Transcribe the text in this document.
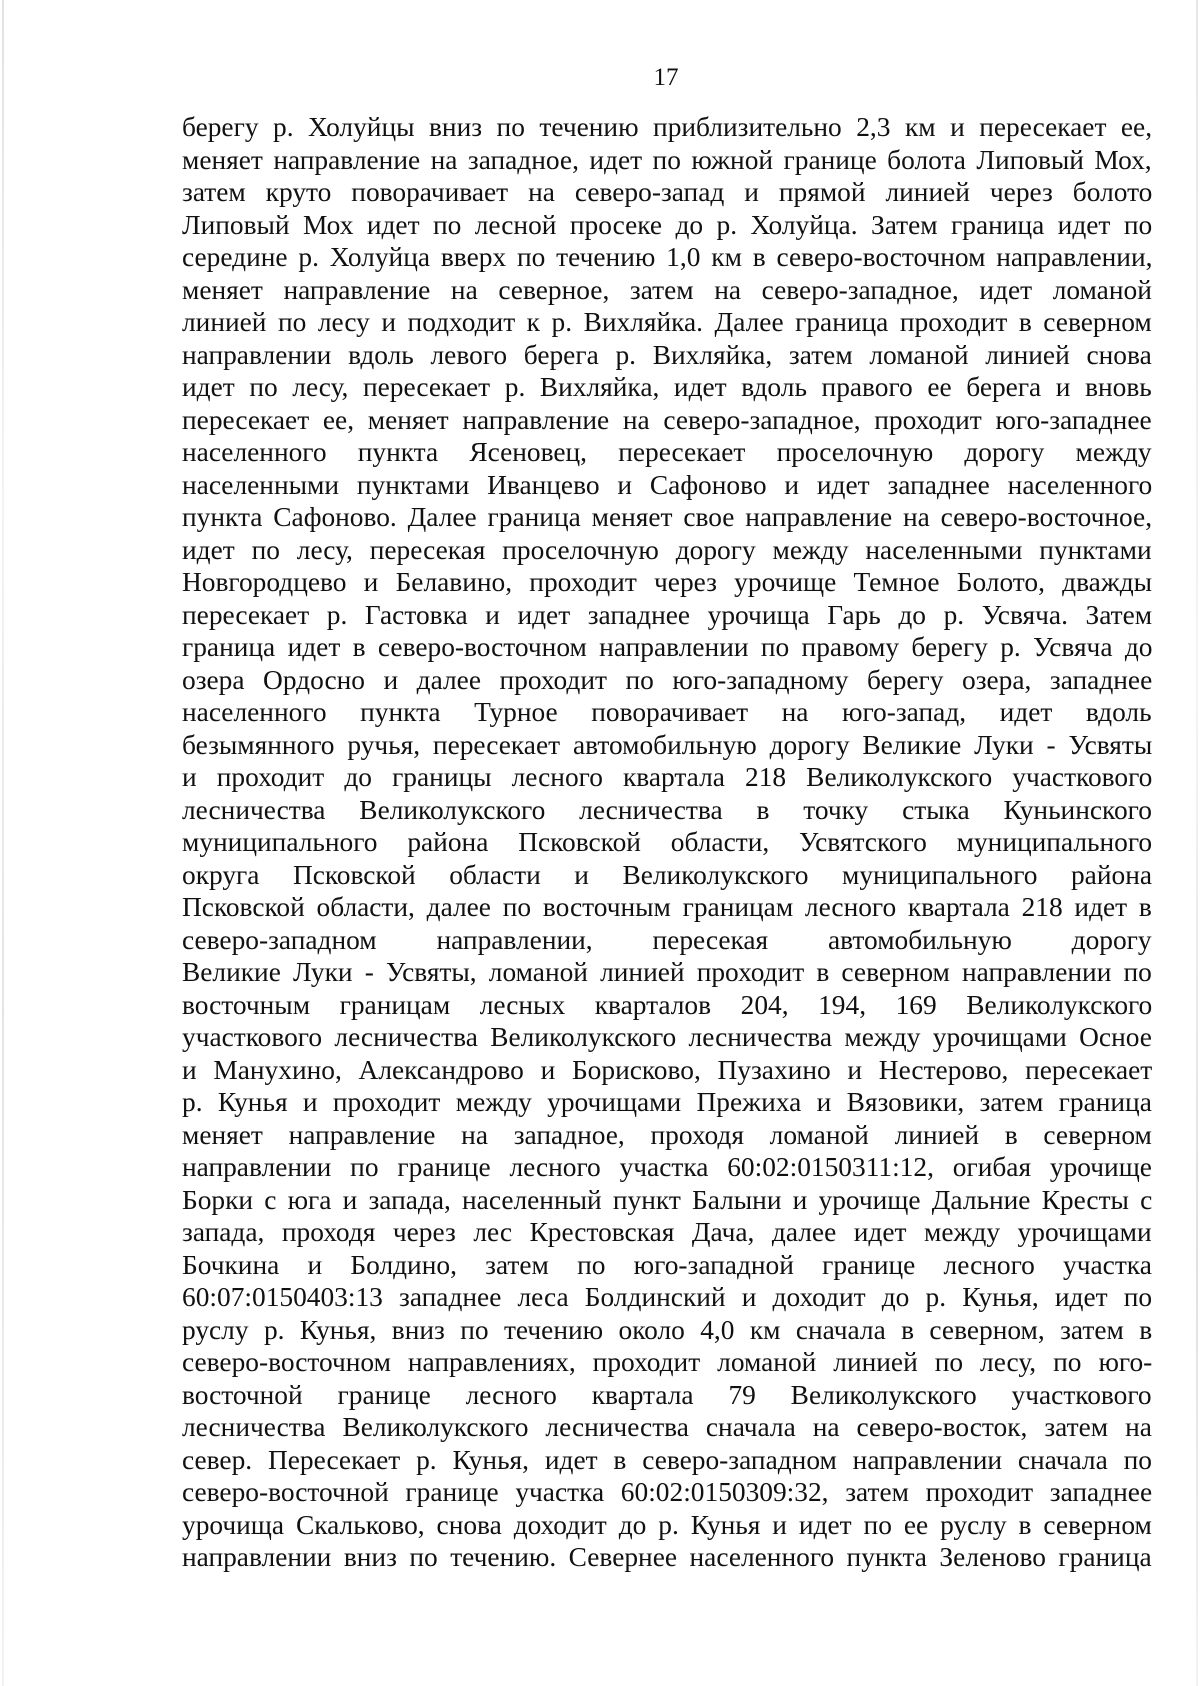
17
берегу р. Холуйцы вниз по течению приблизительно 2,3 км и пересекает ее,
меняет направление на западное, идет по южной границе болота Липовый Мох,
затем круто поворачивает на северо-запад и прямой линией через болото
Липовый Мох идет по лесной просеке до р. Холуйца. Затем граница идет по
середине р. Холуйца вверх по течению 1,0 км в северо-восточном направлении,
меняет направление на северное, затем на северо-западное, идет ломаной
линией по лесу и подходит к р. Вихляйка. Далее граница проходит в северном
направлении вдоль левого берега р. Вихляйка, затем ломаной линией снова
идет по лесу, пересекает р. Вихляйка, идет вдоль правого ее берега и вновь
пересекает ее, меняет направление на северо-западное, проходит юго-западнее
населенного пункта Ясеновец, пересекает проселочную дорогу между
населенными пунктами Иванцево и Сафоново и идет западнее населенного
пункта Сафоново. Далее граница меняет свое направление на северо-восточное,
идет по лесу, пересекая проселочную дорогу между населенными пунктами
Новгородцево и Белавино, проходит через урочище Темное Болото, дважды
пересекает р. Гастовка и идет западнее урочища Гарь до р. Усвяча. Затем
граница идет в северо-восточном направлении по правому берегу р. Усвяча до
озера Ордосно и далее проходит по юго-западному берегу озера, западнее
населенного пункта Турное поворачивает на юго-запад, идет вдоль
безымянного ручья, пересекает автомобильную дорогу Великие Луки - Усвяты
и проходит до границы лесного квартала 218 Великолукского участкового
лесничества Великолукского лесничества в точку стыка Куньинского
муниципального района Псковской области, Усвятского муниципального
округа Псковской области и Великолукского муниципального района
Псковской области, далее по восточным границам лесного квартала 218 идет в
северо-западном направлении, пересекая автомобильную дорогу
Великие Луки - Усвяты, ломаной линией проходит в северном направлении по
восточным границам лесных кварталов 204, 194, 169 Великолукского
участкового лесничества Великолукского лесничества между урочищами Осное
и Манухино, Александрово и Борисково, Пузахино и Нестерово, пересекает
р. Кунья и проходит между урочищами Прежиха и Вязовики, затем граница
меняет направление на западное, проходя ломаной линией в северном
направлении по границе лесного участка 60:02:0150311:12, огибая урочище
Борки с юга и запада, населенный пункт Балыни и урочище Дальние Кресты с
запада, проходя через лес Крестовская Дача, далее идет между урочищами
Бочкина и Болдино, затем по юго-западной границе лесного участка
60:07:0150403:13 западнее леса Болдинский и доходит до р. Кунья, идет по
руслу р. Кунья, вниз по течению около 4,0 км сначала в северном, затем в
северо-восточном направлениях, проходит ломаной линией по лесу, по юго-
восточной границе лесного квартала 79 Великолукского участкового
лесничества Великолукского лесничества сначала на северо-восток, затем на
север. Пересекает р. Кунья, идет в северо-западном направлении сначала по
северо-восточной границе участка 60:02:0150309:32, затем проходит западнее
урочища Скальково, снова доходит до р. Кунья и идет по ее руслу в северном
направлении вниз по течению. Севернее населенного пункта Зеленово граница
